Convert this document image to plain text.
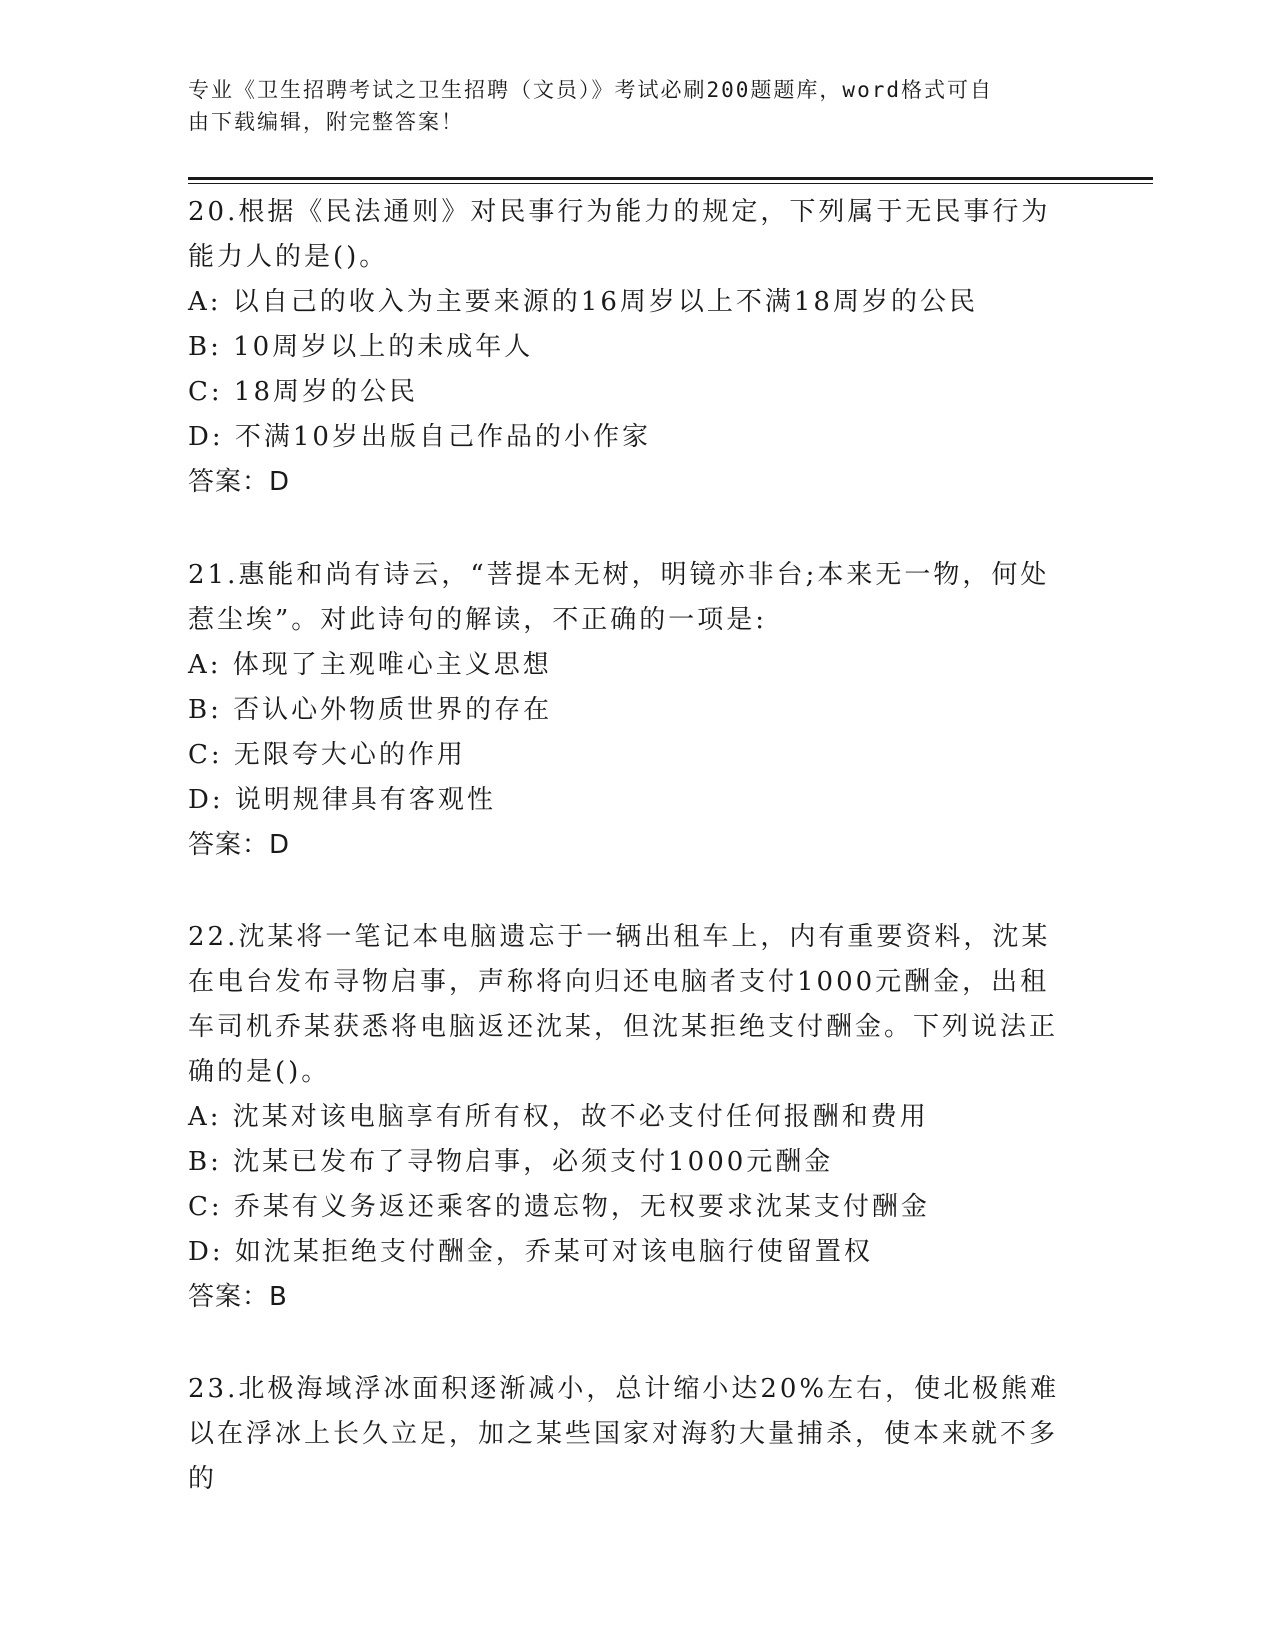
专业《卫生招聘考试之卫生招聘（文员）》考试必刷200题题库，word格式可自
由下载编辑，附完整答案！
20.根据《民法通则》对民事行为能力的规定，下列属于无民事行为能力人的是()。
A: 以自己的收入为主要来源的16周岁以上不满18周岁的公民
B: 10周岁以上的未成年人
C: 18周岁的公民
D: 不满10岁出版自己作品的小作家
答案：D
21.惠能和尚有诗云，“菩提本无树，明镜亦非台;本来无一物，何处惹尘埃”。对此诗句的解读，不正确的一项是:
A: 体现了主观唯心主义思想
B: 否认心外物质世界的存在
C: 无限夸大心的作用
D: 说明规律具有客观性
答案：D
22.沈某将一笔记本电脑遗忘于一辆出租车上，内有重要资料，沈某在电台发布寻物启事，声称将向归还电脑者支付1000元酬金，出租车司机乔某获悉将电脑返还沈某，但沈某拒绝支付酬金。下列说法正确的是()。
A: 沈某对该电脑享有所有权，故不必支付任何报酬和费用
B: 沈某已发布了寻物启事，必须支付1000元酬金
C: 乔某有义务返还乘客的遗忘物，无权要求沈某支付酬金
D: 如沈某拒绝支付酬金，乔某可对该电脑行使留置权
答案：B
23.北极海域浮冰面积逐渐减小，总计缩小达20%左右，使北极熊难以在浮冰上长久立足，加之某些国家对海豹大量捕杀，使本来就不多的
